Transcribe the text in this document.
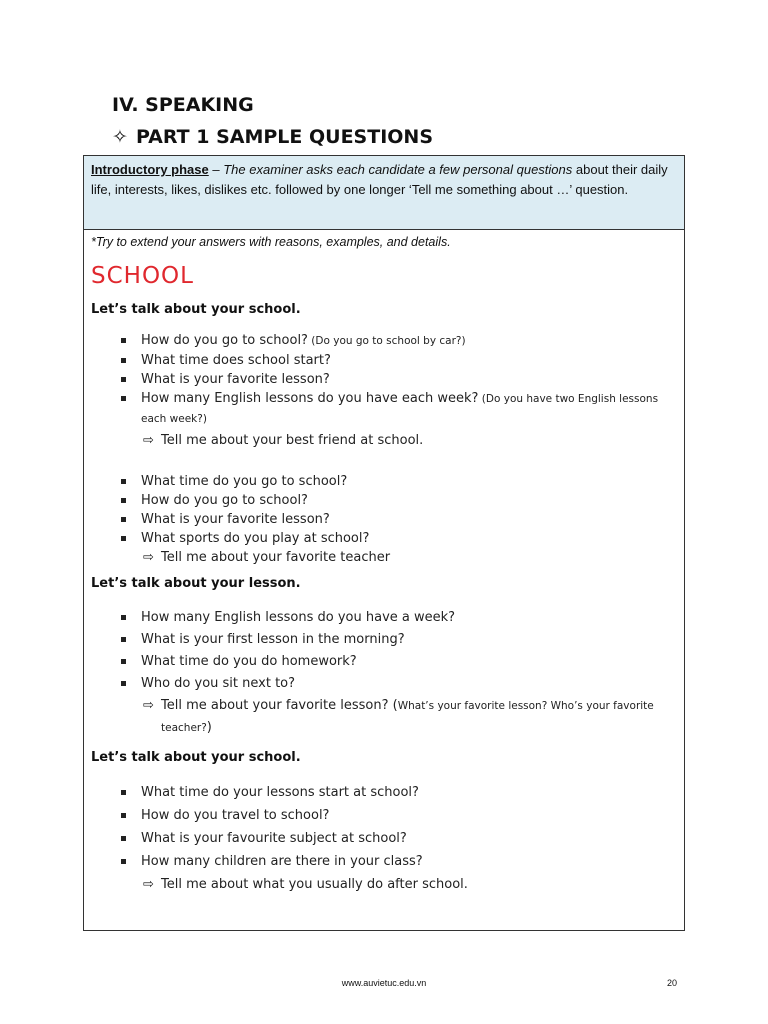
IV. SPEAKING
✧ PART 1 SAMPLE QUESTIONS
Introductory phase – The examiner asks each candidate a few personal questions about their daily life, interests, likes, dislikes etc. followed by one longer ‘Tell me something about …’ question.
*Try to extend your answers with reasons, examples, and details.
SCHOOL
Let’s talk about your school.
How do you go to school? (Do you go to school by car?)
What time does school start?
What is your favorite lesson?
How many English lessons do you have each week? (Do you have two English lessons each week?)
⇨ Tell me about your best friend at school.
What time do you go to school?
How do you go to school?
What is your favorite lesson?
What sports do you play at school?
⇨ Tell me about your favorite teacher
Let’s talk about your lesson.
How many English lessons do you have a week?
What is your first lesson in the morning?
What time do you do homework?
Who do you sit next to?
⇨ Tell me about your favorite lesson? (What’s your favorite lesson? Who’s your favorite teacher?)
Let’s talk about your school.
What time do your lessons start at school?
How do you travel to school?
What is your favourite subject at school?
How many children are there in your class?
⇨ Tell me about what you usually do after school.
www.auvietuc.edu.vn	20
